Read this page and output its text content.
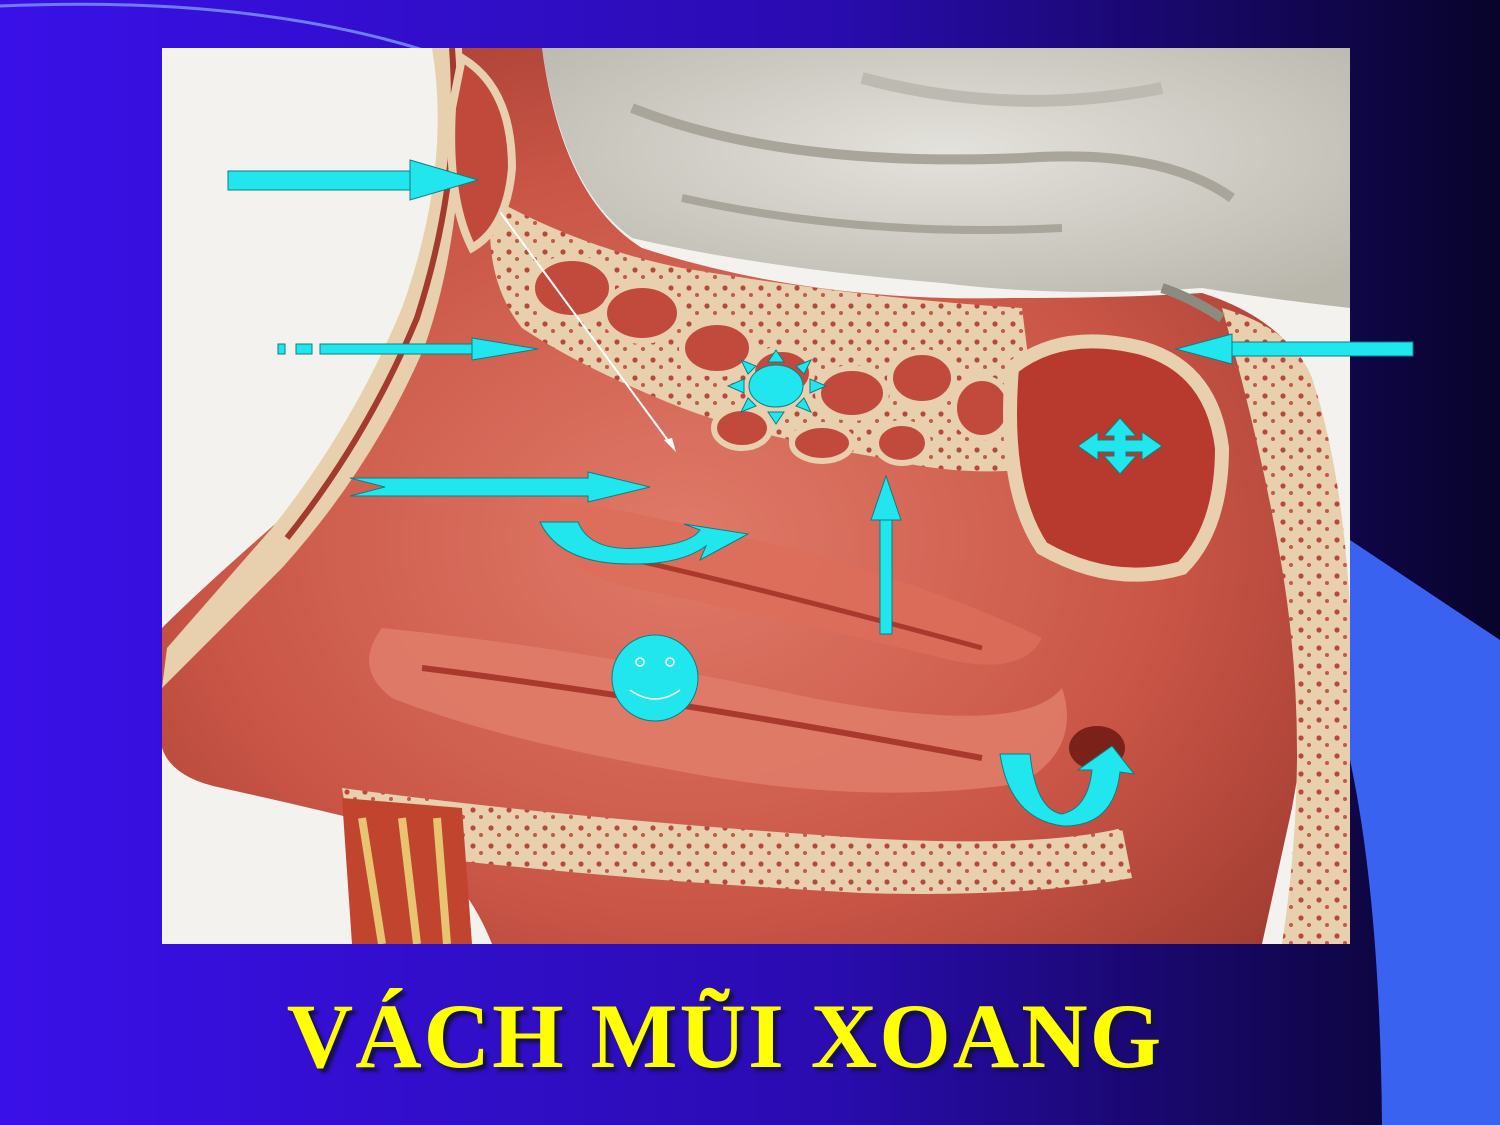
VÁCH MŨI XOANG
